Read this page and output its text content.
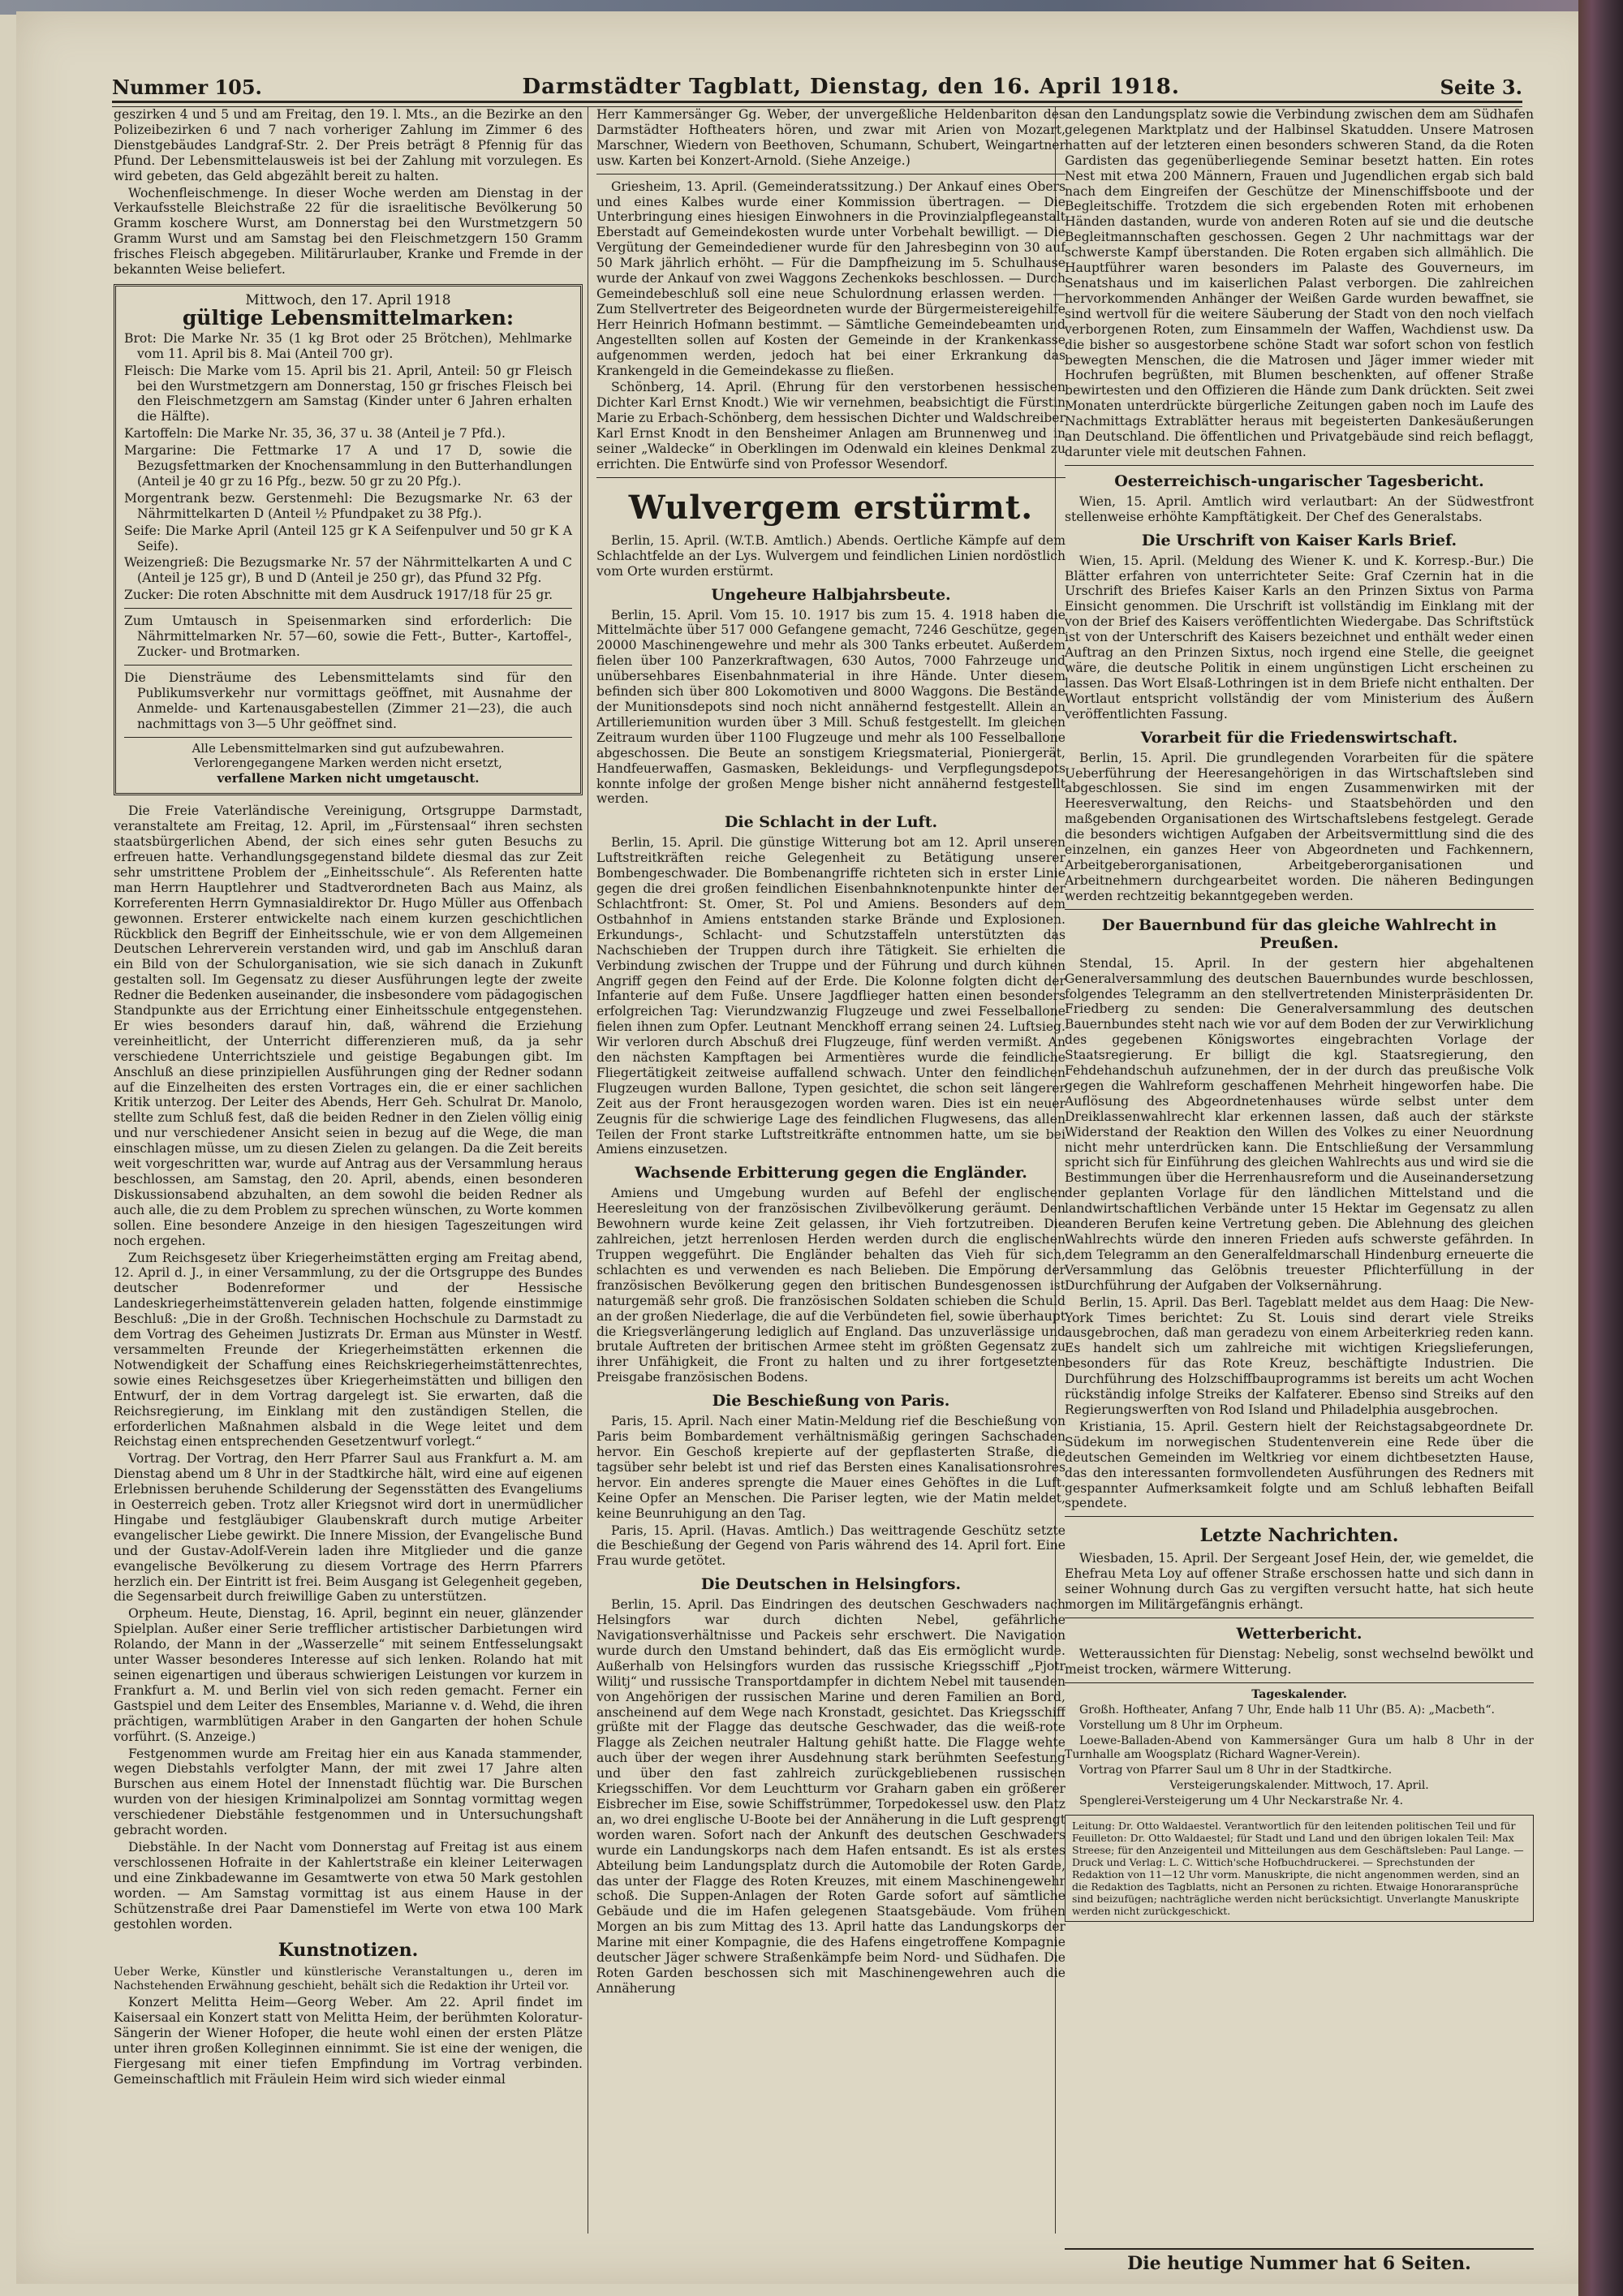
Nummer 105.	Darmstädter Tagblatt, Dienstag, den 16. April 1918.	Seite 3.

geszirken 4 und 5 und am Freitag, den 19. l. Mts., an die Bezirke an den Polizeibezirken 6 und 7 nach vorheriger Zahlung im Zimmer 6 des Dienstgebäudes Landgraf-Str. 2. Der Preis beträgt 8 Pfennig für das Pfund. Der Lebensmittelausweis ist bei der Zahlung mit vorzulegen. Es wird gebeten, das Geld abgezählt bereit zu halten.

Wochenfleischmenge. In dieser Woche werden am Dienstag in der Verkaufsstelle Bleichstraße 22 für die israelitische Bevölkerung 50 Gramm koschere Wurst, am Donnerstag bei den Wurstmetzgern 50 Gramm Wurst und am Samstag bei den Fleischmetzgern 150 Gramm frisches Fleisch abgegeben. Militärurlauber, Kranke und Fremde in der bekannten Weise beliefert.

Mittwoch, den 17. April 1918
gültige Lebensmittelmarken:

Brot: Die Marke Nr. 35 (1 kg Brot oder 25 Brötchen), Mehlmarke vom 11. April bis 8. Mai (Anteil 700 gr).

Fleisch: Die Marke vom 15. April bis 21. April, Anteil: 50 gr Fleisch bei den Wurstmetzgern am Donnerstag, 150 gr frisches Fleisch bei den Fleischmetzgern am Samstag (Kinder unter 6 Jahren erhalten die Hälfte).

Kartoffeln: Die Marke Nr. 35, 36, 37 u. 38 (Anteil je 7 Pfd.).

Margarine: Die Fettmarke 17 A und 17 D, sowie die Bezugsfettmarken der Knochensammlung in den Butterhandlungen (Anteil je 40 gr zu 16 Pfg., bezw. 50 gr zu 20 Pfg.).

Morgentrank bezw. Gerstenmehl: Die Bezugsmarke Nr. 63 der Nährmittelkarten D (Anteil ½ Pfundpaket zu 38 Pfg.).

Seife: Die Marke April (Anteil 125 gr K A Seifenpulver und 50 gr K A Seife).

Weizengrieß: Die Bezugsmarke Nr. 57 der Nährmittelkarten A und C (Anteil je 125 gr), B und D (Anteil je 250 gr), das Pfund 32 Pfg.

Zucker: Die roten Abschnitte mit dem Ausdruck 1917/18 für 25 gr.

Zum Umtausch in Speisenmarken sind erforderlich: Die Nährmittelmarken Nr. 57—60, sowie die Fett-, Butter-, Kartoffel-, Zucker- und Brotmarken.

Die Diensträume des Lebensmittelamts sind für den Publikumsverkehr nur vormittags geöffnet, mit Ausnahme der Anmelde- und Kartenausgabestellen (Zimmer 21—23), die auch nachmittags von 3—5 Uhr geöffnet sind.

Alle Lebensmittelmarken sind gut aufzubewahren.
Verlorengegangene Marken werden nicht ersetzt,
verfallene Marken nicht umgetauscht.

Die Freie Vaterländische Vereinigung, Ortsgruppe Darmstadt, veranstaltete am Freitag, 12. April, im „Fürstensaal“ ihren sechsten staatsbürgerlichen Abend, der sich eines sehr guten Besuchs zu erfreuen hatte. Verhandlungsgegenstand bildete diesmal das zur Zeit sehr umstrittene Problem der „Einheitsschule“. Als Referenten hatte man Herrn Hauptlehrer und Stadtverordneten Bach aus Mainz, als Korreferenten Herrn Gymnasialdirektor Dr. Hugo Müller aus Offenbach gewonnen. Ersterer entwickelte nach einem kurzen geschichtlichen Rückblick den Begriff der Einheitsschule, wie er von dem Allgemeinen Deutschen Lehrerverein verstanden wird, und gab im Anschluß daran ein Bild von der Schulorganisation, wie sie sich danach in Zukunft gestalten soll. Im Gegensatz zu dieser Ausführungen legte der zweite Redner die Bedenken auseinander, die insbesondere vom pädagogischen Standpunkte aus der Errichtung einer Einheitsschule entgegenstehen. Er wies besonders darauf hin, daß, während die Erziehung vereinheitlicht, der Unterricht differenzieren muß, da ja sehr verschiedene Unterrichtsziele und geistige Begabungen gibt. Im Anschluß an diese prinzipiellen Ausführungen ging der Redner sodann auf die Einzelheiten des ersten Vortrages ein, die er einer sachlichen Kritik unterzog. Der Leiter des Abends, Herr Geh. Schulrat Dr. Manolo, stellte zum Schluß fest, daß die beiden Redner in den Zielen völlig einig und nur verschiedener Ansicht seien in bezug auf die Wege, die man einschlagen müsse, um zu diesen Zielen zu gelangen. Da die Zeit bereits weit vorgeschritten war, wurde auf Antrag aus der Versammlung heraus beschlossen, am Samstag, den 20. April, abends, einen besonderen Diskussionsabend abzuhalten, an dem sowohl die beiden Redner als auch alle, die zu dem Problem zu sprechen wünschen, zu Worte kommen sollen. Eine besondere Anzeige in den hiesigen Tageszeitungen wird noch ergehen.

Zum Reichsgesetz über Kriegerheimstätten erging am Freitag abend, 12. April d. J., in einer Versammlung, zu der die Ortsgruppe des Bundes deutscher Bodenreformer und der Hessische Landeskriegerheimstättenverein geladen hatten, folgende einstimmige Beschluß: „Die in der Großh. Technischen Hochschule zu Darmstadt zu dem Vortrag des Geheimen Justizrats Dr. Erman aus Münster in Westf. versammelten Freunde der Kriegerheimstätten erkennen die Notwendigkeit der Schaffung eines Reichskriegerheimstättenrechtes, sowie eines Reichsgesetzes über Kriegerheimstätten und billigen den Entwurf, der in dem Vortrag dargelegt ist. Sie erwarten, daß die Reichsregierung, im Einklang mit den zuständigen Stellen, die erforderlichen Maßnahmen alsbald in die Wege leitet und dem Reichstag einen entsprechenden Gesetzentwurf vorlegt.“

Vortrag. Der Vortrag, den Herr Pfarrer Saul aus Frankfurt a. M. am Dienstag abend um 8 Uhr in der Stadtkirche hält, wird eine auf eigenen Erlebnissen beruhende Schilderung der Segensstätten des Evangeliums in Oesterreich geben. Trotz aller Kriegsnot wird dort in unermüdlicher Hingabe und festgläubiger Glaubenskraft durch mutige Arbeiter evangelischer Liebe gewirkt. Die Innere Mission, der Evangelische Bund und der Gustav-Adolf-Verein laden ihre Mitglieder und die ganze evangelische Bevölkerung zu diesem Vortrage des Herrn Pfarrers herzlich ein. Der Eintritt ist frei. Beim Ausgang ist Gelegenheit gegeben, die Segensarbeit durch freiwillige Gaben zu unterstützen.

Orpheum. Heute, Dienstag, 16. April, beginnt ein neuer, glänzender Spielplan. Außer einer Serie trefflicher artistischer Darbietungen wird Rolando, der Mann in der „Wasserzelle“ mit seinem Entfesselungsakt unter Wasser besonderes Interesse auf sich lenken. Rolando hat mit seinen eigenartigen und überaus schwierigen Leistungen vor kurzem in Frankfurt a. M. und Berlin viel von sich reden gemacht. Ferner ein Gastspiel und dem Leiter des Ensembles, Marianne v. d. Wehd, die ihren prächtigen, warmblütigen Araber in den Gangarten der hohen Schule vorführt. (S. Anzeige.)

Festgenommen wurde am Freitag hier ein aus Kanada stammender, wegen Diebstahls verfolgter Mann, der mit zwei 17 Jahre alten Burschen aus einem Hotel der Innenstadt flüchtig war. Die Burschen wurden von der hiesigen Kriminalpolizei am Sonntag vormittag wegen verschiedener Diebstähle festgenommen und in Untersuchungshaft gebracht worden.

Diebstähle. In der Nacht vom Donnerstag auf Freitag ist aus einem verschlossenen Hofraite in der Kahlertstraße ein kleiner Leiterwagen und eine Zinkbadewanne im Gesamtwerte von etwa 50 Mark gestohlen worden. — Am Samstag vormittag ist aus einem Hause in der Schützenstraße drei Paar Damenstiefel im Werte von etwa 100 Mark gestohlen worden.

Kunstnotizen.

Ueber Werke, Künstler und künstlerische Veranstaltungen u., deren im Nachstehenden Erwähnung geschieht, behält sich die Redaktion ihr Urteil vor.

Konzert Melitta Heim—Georg Weber. Am 22. April findet im Kaisersaal ein Konzert statt von Melitta Heim, der berühmten Koloratur-Sängerin der Wiener Hofoper, die heute wohl einen der ersten Plätze unter ihren großen Kolleginnen einnimmt. Sie ist eine der wenigen, die Fiergesang mit einer tiefen Empfindung im Vortrag verbinden. Gemeinschaftlich mit Fräulein Heim wird sich wieder einmal

Herr Kammersänger Gg. Weber, der unvergeßliche Heldenbariton des Darmstädter Hoftheaters hören, und zwar mit Arien von Mozart, Marschner, Wiedern von Beethoven, Schumann, Schubert, Weingartner usw. Karten bei Konzert-Arnold. (Siehe Anzeige.)

Griesheim, 13. April. (Gemeinderatssitzung.) Der Ankauf eines Obers und eines Kalbes wurde einer Kommission übertragen. — Die Unterbringung eines hiesigen Einwohners in die Provinzialpflegeanstalt Eberstadt auf Gemeindekosten wurde unter Vorbehalt bewilligt. — Die Vergütung der Gemeindediener wurde für den Jahresbeginn von 30 auf 50 Mark jährlich erhöht. — Für die Dampfheizung im 5. Schulhause wurde der Ankauf von zwei Waggons Zechenkoks beschlossen. — Durch Gemeindebeschluß soll eine neue Schulordnung erlassen werden. — Zum Stellvertreter des Beigeordneten wurde der Bürgermeistereigehilfe Herr Heinrich Hofmann bestimmt. — Sämtliche Gemeindebeamten und Angestellten sollen auf Kosten der Gemeinde in der Krankenkasse aufgenommen werden, jedoch hat bei einer Erkrankung das Krankengeld in die Gemeindekasse zu fließen.

Schönberg, 14. April. (Ehrung für den verstorbenen hessischen Dichter Karl Ernst Knodt.) Wie wir vernehmen, beabsichtigt die Fürstin Marie zu Erbach-Schönberg, dem hessischen Dichter und Waldschreiber Karl Ernst Knodt in den Bensheimer Anlagen am Brunnenweg und in seiner „Waldecke“ in Oberklingen im Odenwald ein kleines Denkmal zu errichten. Die Entwürfe sind von Professor Wesendorf.

Wulvergem erstürmt.

Berlin, 15. April. (W.T.B. Amtlich.) Abends. Oertliche Kämpfe auf dem Schlachtfelde an der Lys. Wulvergem und feindlichen Linien nordöstlich vom Orte wurden erstürmt.

Ungeheure Halbjahrsbeute.

Berlin, 15. April. Vom 15. 10. 1917 bis zum 15. 4. 1918 haben die Mittelmächte über 517 000 Gefangene gemacht, 7246 Geschütze, gegen 20000 Maschinengewehre und mehr als 300 Tanks erbeutet. Außerdem fielen über 100 Panzerkraftwagen, 630 Autos, 7000 Fahrzeuge und unübersehbares Eisenbahnmaterial in ihre Hände. Unter diesem befinden sich über 800 Lokomotiven und 8000 Waggons. Die Bestände der Munitionsdepots sind noch nicht annähernd festgestellt. Allein an Artilleriemunition wurden über 3 Mill. Schuß festgestellt. Im gleichen Zeitraum wurden über 1100 Flugzeuge und mehr als 100 Fesselballone abgeschossen. Die Beute an sonstigem Kriegsmaterial, Pioniergerät, Handfeuerwaffen, Gasmasken, Bekleidungs- und Verpflegungsdepots konnte infolge der großen Menge bisher nicht annähernd festgestellt werden.

Die Schlacht in der Luft.

Berlin, 15. April. Die günstige Witterung bot am 12. April unseren Luftstreitkräften reiche Gelegenheit zu Betätigung unserer Bombengeschwader. Die Bombenangriffe richteten sich in erster Linie gegen die drei großen feindlichen Eisenbahnknotenpunkte hinter der Schlachtfront: St. Omer, St. Pol und Amiens. Besonders auf dem Ostbahnhof in Amiens entstanden starke Brände und Explosionen. Erkundungs-, Schlacht- und Schutzstaffeln unterstützten das Nachschieben der Truppen durch ihre Tätigkeit. Sie erhielten die Verbindung zwischen der Truppe und der Führung und durch kühnen Angriff gegen den Feind auf der Erde. Die Kolonne folgten dicht der Infanterie auf dem Fuße. Unsere Jagdflieger hatten einen besonders erfolgreichen Tag: Vierundzwanzig Flugzeuge und zwei Fesselballone fielen ihnen zum Opfer. Leutnant Menckhoff errang seinen 24. Luftsieg. Wir verloren durch Abschuß drei Flugzeuge, fünf werden vermißt. An den nächsten Kampftagen bei Armentières wurde die feindliche Fliegertätigkeit zeitweise auffallend schwach. Unter den feindlichen Flugzeugen wurden Ballone, Typen gesichtet, die schon seit längerer Zeit aus der Front herausgezogen worden waren. Dies ist ein neuer Zeugnis für die schwierige Lage des feindlichen Flugwesens, das allen Teilen der Front starke Luftstreitkräfte entnommen hatte, um sie bei Amiens einzusetzen.

Wachsende Erbitterung gegen die Engländer.

Amiens und Umgebung wurden auf Befehl der englischen Heeresleitung von der französischen Zivilbevölkerung geräumt. Den Bewohnern wurde keine Zeit gelassen, ihr Vieh fortzutreiben. Die zahlreichen, jetzt herrenlosen Herden werden durch die englischen Truppen weggeführt. Die Engländer behalten das Vieh für sich, schlachten es und verwenden es nach Belieben. Die Empörung der französischen Bevölkerung gegen den britischen Bundesgenossen ist naturgemäß sehr groß. Die französischen Soldaten schieben die Schuld an der großen Niederlage, die auf die Verbündeten fiel, sowie überhaupt die Kriegsverlängerung lediglich auf England. Das unzuverlässige und brutale Auftreten der britischen Armee steht im größten Gegensatz zu ihrer Unfähigkeit, die Front zu halten und zu ihrer fortgesetzten Preisgabe französischen Bodens.

Die Beschießung von Paris.

Paris, 15. April. Nach einer Matin-Meldung rief die Beschießung von Paris beim Bombardement verhältnismäßig geringen Sachschaden hervor. Ein Geschoß krepierte auf der gepflasterten Straße, die tagsüber sehr belebt ist und rief das Bersten eines Kanalisationsrohres hervor. Ein anderes sprengte die Mauer eines Gehöftes in die Luft. Keine Opfer an Menschen. Die Pariser legten, wie der Matin meldet, keine Beunruhigung an den Tag.

Paris, 15. April. (Havas. Amtlich.) Das weittragende Geschütz setzte die Beschießung der Gegend von Paris während des 14. April fort. Eine Frau wurde getötet.

Die Deutschen in Helsingfors.

Berlin, 15. April. Das Eindringen des deutschen Geschwaders nach Helsingfors war durch dichten Nebel, gefährliche Navigationsverhältnisse und Packeis sehr erschwert. Die Navigation wurde durch den Umstand behindert, daß das Eis ermöglicht wurde. Außerhalb von Helsingfors wurden das russische Kriegsschiff „Pjotr Wilitj“ und russische Transportdampfer in dichtem Nebel mit tausenden von Angehörigen der russischen Marine und deren Familien an Bord, anscheinend auf dem Wege nach Kronstadt, gesichtet. Das Kriegsschiff grüßte mit der Flagge das deutsche Geschwader, das die weiß-rote Flagge als Zeichen neutraler Haltung gehißt hatte. Die Flagge wehte auch über der wegen ihrer Ausdehnung stark berühmten Seefestung und über den fast zahlreich zurückgebliebenen russischen Kriegsschiffen. Vor dem Leuchtturm vor Graharn gaben ein größerer Eisbrecher im Eise, sowie Schiffstrümmer, Torpedokessel usw. den Platz an, wo drei englische U-Boote bei der Annäherung in die Luft gesprengt worden waren. Sofort nach der Ankunft des deutschen Geschwaders wurde ein Landungskorps nach dem Hafen entsandt. Es ist als erstes Abteilung beim Landungsplatz durch die Automobile der Roten Garde, das unter der Flagge des Roten Kreuzes, mit einem Maschinengewehr schoß. Die Suppen-Anlagen der Roten Garde sofort auf sämtliche Gebäude und die im Hafen gelegenen Staatsgebäude. Vom frühen Morgen an bis zum Mittag des 13. April hatte das Landungskorps der Marine mit einer Kompagnie, die des Hafens eingetroffene Kompagnie deutscher Jäger schwere Straßenkämpfe beim Nord- und Südhafen. Die Roten Garden beschossen sich mit Maschinengewehren auch die Annäherung

an den Landungsplatz sowie die Verbindung zwischen dem am Südhafen gelegenen Marktplatz und der Halbinsel Skatudden. Unsere Matrosen hatten auf der letzteren einen besonders schweren Stand, da die Roten Gardisten das gegenüberliegende Seminar besetzt hatten. Ein rotes Nest mit etwa 200 Männern, Frauen und Jugendlichen ergab sich bald nach dem Eingreifen der Geschütze der Minenschiffsboote und der Begleitschiffe. Trotzdem die sich ergebenden Roten mit erhobenen Händen dastanden, wurde von anderen Roten auf sie und die deutsche Begleitmannschaften geschossen. Gegen 2 Uhr nachmittags war der schwerste Kampf überstanden. Die Roten ergaben sich allmählich. Die Hauptführer waren besonders im Palaste des Gouverneurs, im Senatshaus und im kaiserlichen Palast verborgen. Die zahlreichen hervorkommenden Anhänger der Weißen Garde wurden bewaffnet, sie sind wertvoll für die weitere Säuberung der Stadt von den noch vielfach verborgenen Roten, zum Einsammeln der Waffen, Wachdienst usw. Da die bisher so ausgestorbene schöne Stadt war sofort schon von festlich bewegten Menschen, die die Matrosen und Jäger immer wieder mit Hochrufen begrüßten, mit Blumen beschenkten, auf offener Straße bewirtesten und den Offizieren die Hände zum Dank drückten. Seit zwei Monaten unterdrückte bürgerliche Zeitungen gaben noch im Laufe des Nachmittags Extrablätter heraus mit begeisterten Dankesäußerungen an Deutschland. Die öffentlichen und Privatgebäude sind reich beflaggt, darunter viele mit deutschen Fahnen.

Oesterreichisch-ungarischer Tagesbericht.

Wien, 15. April. Amtlich wird verlautbart: An der Südwestfront stellenweise erhöhte Kampftätigkeit. Der Chef des Generalstabs.

Die Urschrift von Kaiser Karls Brief.

Wien, 15. April. (Meldung des Wiener K. und K. Korresp.-Bur.) Die Blätter erfahren von unterrichteter Seite: Graf Czernin hat in die Urschrift des Briefes Kaiser Karls an den Prinzen Sixtus von Parma Einsicht genommen. Die Urschrift ist vollständig im Einklang mit der von der Brief des Kaisers veröffentlichten Wiedergabe. Das Schriftstück ist von der Unterschrift des Kaisers bezeichnet und enthält weder einen Auftrag an den Prinzen Sixtus, noch irgend eine Stelle, die geeignet wäre, die deutsche Politik in einem ungünstigen Licht erscheinen zu lassen. Das Wort Elsaß-Lothringen ist in dem Briefe nicht enthalten. Der Wortlaut entspricht vollständig der vom Ministerium des Äußern veröffentlichten Fassung.

Vorarbeit für die Friedenswirtschaft.

Berlin, 15. April. Die grundlegenden Vorarbeiten für die spätere Ueberführung der Heeresangehörigen in das Wirtschaftsleben sind abgeschlossen. Sie sind im engen Zusammenwirken mit der Heeresverwaltung, den Reichs- und Staatsbehörden und den maßgebenden Organisationen des Wirtschaftslebens festgelegt. Gerade die besonders wichtigen Aufgaben der Arbeitsvermittlung sind die des einzelnen, ein ganzes Heer von Abgeordneten und Fachkennern, Arbeitgeberorganisationen, Arbeitgeberorganisationen und Arbeitnehmern durchgearbeitet worden. Die näheren Bedingungen werden rechtzeitig bekanntgegeben werden.

Der Bauernbund für das gleiche Wahlrecht in Preußen.

Stendal, 15. April. In der gestern hier abgehaltenen Generalversammlung des deutschen Bauernbundes wurde beschlossen, folgendes Telegramm an den stellvertretenden Ministerpräsidenten Dr. Friedberg zu senden: Die Generalversammlung des deutschen Bauernbundes steht nach wie vor auf dem Boden der zur Verwirklichung des gegebenen Königswortes eingebrachten Vorlage der Staatsregierung. Er billigt die kgl. Staatsregierung, den Fehdehandschuh aufzunehmen, der in der durch das preußische Volk gegen die Wahlreform geschaffenen Mehrheit hingeworfen habe. Die Auflösung des Abgeordnetenhauses würde selbst unter dem Dreiklassenwahlrecht klar erkennen lassen, daß auch der stärkste Widerstand der Reaktion den Willen des Volkes zu einer Neuordnung nicht mehr unterdrücken kann. Die Entschließung der Versammlung spricht sich für Einführung des gleichen Wahlrechts aus und wird sie die Bestimmungen über die Herrenhausreform und die Auseinandersetzung der geplanten Vorlage für den ländlichen Mittelstand und die landwirtschaftlichen Verbände unter 15 Hektar im Gegensatz zu allen anderen Berufen keine Vertretung geben. Die Ablehnung des gleichen Wahlrechts würde den inneren Frieden aufs schwerste gefährden. In dem Telegramm an den Generalfeldmarschall Hindenburg erneuerte die Versammlung das Gelöbnis treuester Pflichterfüllung in der Durchführung der Aufgaben der Volksernährung.

Berlin, 15. April. Das Berl. Tageblatt meldet aus dem Haag: Die New-York Times berichtet: Zu St. Louis sind derart viele Streiks ausgebrochen, daß man geradezu von einem Arbeiterkrieg reden kann. Es handelt sich um zahlreiche mit wichtigen Kriegslieferungen, besonders für das Rote Kreuz, beschäftigte Industrien. Die Durchführung des Holzschiffbauprogramms ist bereits um acht Wochen rückständig infolge Streiks der Kalfaterer. Ebenso sind Streiks auf den Regierungswerften von Rod Island und Philadelphia ausgebrochen.

Kristiania, 15. April. Gestern hielt der Reichstagsabgeordnete Dr. Südekum im norwegischen Studentenverein eine Rede über die deutschen Gemeinden im Weltkrieg vor einem dichtbesetzten Hause, das den interessanten formvollendeten Ausführungen des Redners mit gespannter Aufmerksamkeit folgte und am Schluß lebhaften Beifall spendete.

Letzte Nachrichten.

Wiesbaden, 15. April. Der Sergeant Josef Hein, der, wie gemeldet, die Ehefrau Meta Loy auf offener Straße erschossen hatte und sich dann in seiner Wohnung durch Gas zu vergiften versucht hatte, hat sich heute morgen im Militärgefängnis erhängt.

Wetterbericht.

Wetteraussichten für Dienstag: Nebelig, sonst wechselnd bewölkt und meist trocken, wärmere Witterung.

Tageskalender.

Großh. Hoftheater, Anfang 7 Uhr, Ende halb 11 Uhr (B5. A): „Macbeth“.

Vorstellung um 8 Uhr im Orpheum.

Loewe-Balladen-Abend von Kammersänger Gura um halb 8 Uhr in der Turnhalle am Woogsplatz (Richard Wagner-Verein).

Vortrag von Pfarrer Saul um 8 Uhr in der Stadtkirche.

Versteigerungskalender. Mittwoch, 17. April.

Spenglerei-Versteigerung um 4 Uhr Neckarstraße Nr. 4.

Leitung: Dr. Otto Waldaestel. Verantwortlich für den leitenden politischen Teil und für Feuilleton: Dr. Otto Waldaestel; für Stadt und Land und den übrigen lokalen Teil: Max Streese; für den Anzeigenteil und Mitteilungen aus dem Geschäftsleben: Paul Lange. — Druck und Verlag: L. C. Wittich'sche Hofbuchdruckerei. — Sprechstunden der Redaktion von 11—12 Uhr vorm. Manuskripte, die nicht angenommen werden, sind an die Redaktion des Tagblatts, nicht an Personen zu richten. Etwaige Honoraransprüche sind beizufügen; nachträgliche werden nicht berücksichtigt. Unverlangte Manuskripte werden nicht zurückgeschickt.
Die heutige Nummer hat 6 Seiten.
